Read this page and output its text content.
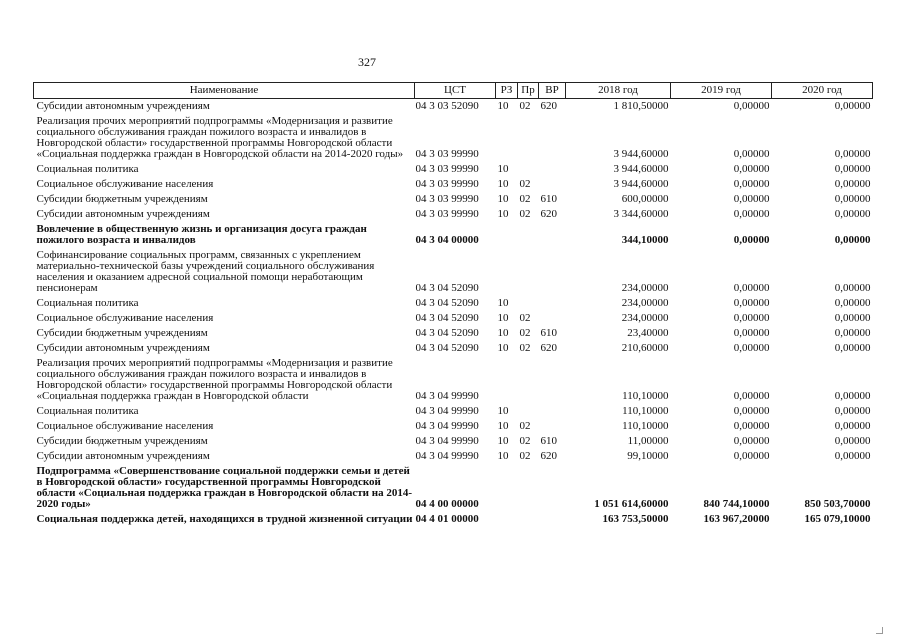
327
Наименование	ЦСТ	РЗ	Пр	ВР	2018 год	2019 год	2020 год
Субсидии автономным учреждениям	04 3 03 52090	10	02	620	1 810,50000	0,00000	0,00000
Реализация прочих мероприятий подпрограммы «Модернизация и развитие социального обслуживания граждан пожилого возраста и инвалидов в Новгородской области» государственной программы Новгородской области «Социальная поддержка граждан в Новгородской области на 2014-2020 годы»	04 3 03 99990				3 944,60000	0,00000	0,00000
Социальная политика	04 3 03 99990	10			3 944,60000	0,00000	0,00000
Социальное обслуживание населения	04 3 03 99990	10	02		3 944,60000	0,00000	0,00000
Субсидии бюджетным учреждениям	04 3 03 99990	10	02	610	600,00000	0,00000	0,00000
Субсидии автономным учреждениям	04 3 03 99990	10	02	620	3 344,60000	0,00000	0,00000
Вовлечение в общественную жизнь и организация досуга граждан пожилого возраста и инвалидов	04 3 04 00000				344,10000	0,00000	0,00000
Софинансирование социальных программ, связанных с укреплением материально-технической базы учреждений социального обслуживания населения и оказанием адресной социальной помощи неработающим пенсионерам	04 3 04 52090				234,00000	0,00000	0,00000
Социальная политика	04 3 04 52090	10			234,00000	0,00000	0,00000
Социальное обслуживание населения	04 3 04 52090	10	02		234,00000	0,00000	0,00000
Субсидии бюджетным учреждениям	04 3 04 52090	10	02	610	23,40000	0,00000	0,00000
Субсидии автономным учреждениям	04 3 04 52090	10	02	620	210,60000	0,00000	0,00000
Реализация прочих мероприятий подпрограммы «Модернизация и развитие социального обслуживания граждан пожилого возраста и инвалидов в Новгородской области» государственной программы Новгородской области «Социальная поддержка граждан в Новгородской области	04 3 04 99990				110,10000	0,00000	0,00000
Социальная политика	04 3 04 99990	10			110,10000	0,00000	0,00000
Социальное обслуживание населения	04 3 04 99990	10	02		110,10000	0,00000	0,00000
Субсидии бюджетным учреждениям	04 3 04 99990	10	02	610	11,00000	0,00000	0,00000
Субсидии автономным учреждениям	04 3 04 99990	10	02	620	99,10000	0,00000	0,00000
Подпрограмма «Совершенствование социальной поддержки семьи и детей в Новгородской области» государственной программы Новгородской области «Социальная поддержка граждан в Новгородской области на 2014-2020 годы»	04 4 00 00000				1 051 614,60000	840 744,10000	850 503,70000
Социальная поддержка детей, находящихся в трудной жизненной ситуации	04 4 01 00000				163 753,50000	163 967,20000	165 079,10000
